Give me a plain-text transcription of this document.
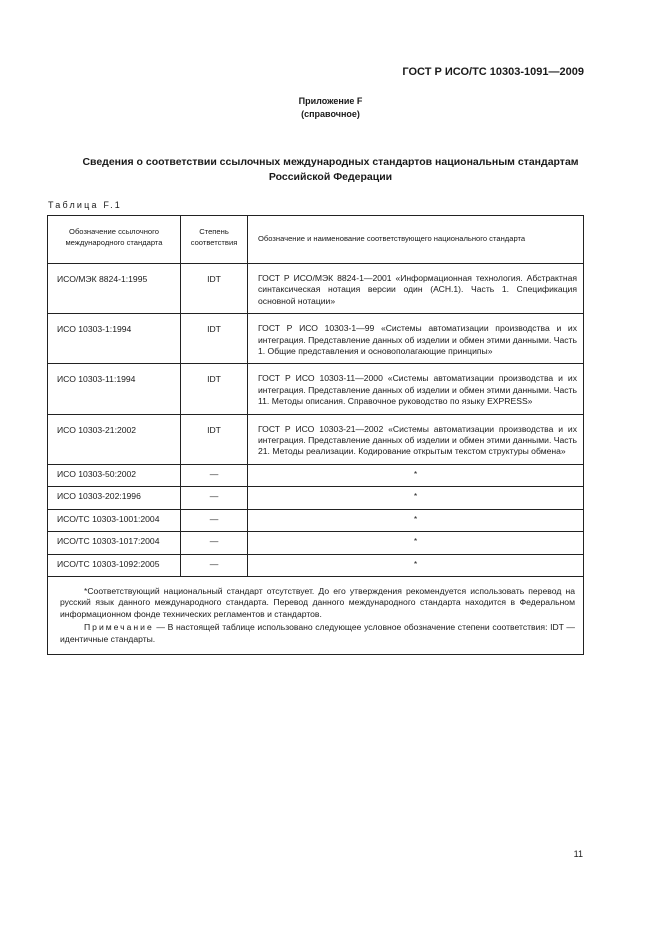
ГОСТ Р ИСО/ТС 10303-1091—2009
Приложение F
(справочное)
Сведения о соответствии ссылочных международных стандартов национальным стандартам
Российской Федерации
Таблица F.1
Обозначение ссылочного международного стандарта	Степень соответствия	Обозначение и наименование соответствующего национального стандарта
ИСО/МЭК 8824-1:1995	IDT	ГОСТ Р ИСО/МЭК 8824-1—2001 «Информационная технология. Абстрактная синтаксическая нотация версии один (АСН.1). Часть 1. Спецификация основной нотации»
ИСО 10303-1:1994	IDT	ГОСТ Р ИСО 10303-1—99 «Системы автоматизации производства и их интеграция. Представление данных об изделии и обмен этими данными. Часть 1. Общие представления и основополагающие принципы»
ИСО 10303-11:1994	IDT	ГОСТ Р ИСО 10303-11—2000 «Системы автоматизации производства и их интеграция. Представление данных об изделии и обмен этими данными. Часть 11. Методы описания. Справочное руководство по языку EXPRESS»
ИСО 10303-21:2002	IDT	ГОСТ Р ИСО 10303-21—2002 «Системы автоматизации производства и их интеграция. Представление данных об изделии и обмен этими данными. Часть 21. Методы реализации. Кодирование открытым текстом структуры обмена»
ИСО 10303-50:2002	—	*
ИСО 10303-202:1996	—	*
ИСО/ТС 10303-1001:2004	—	*
ИСО/ТС 10303-1017:2004	—	*
ИСО/ТС 10303-1092:2005	—	*

*Соответствующий национальный стандарт отсутствует. До его утверждения рекомендуется использовать перевод на русский язык данного международного стандарта. Перевод данного международного стандарта находится в Федеральном информационном фонде технических регламентов и стандартов.

Примечание — В настоящей таблице использовано следующее условное обозначение степени соответствия: IDT — идентичные стандарты.		

11
